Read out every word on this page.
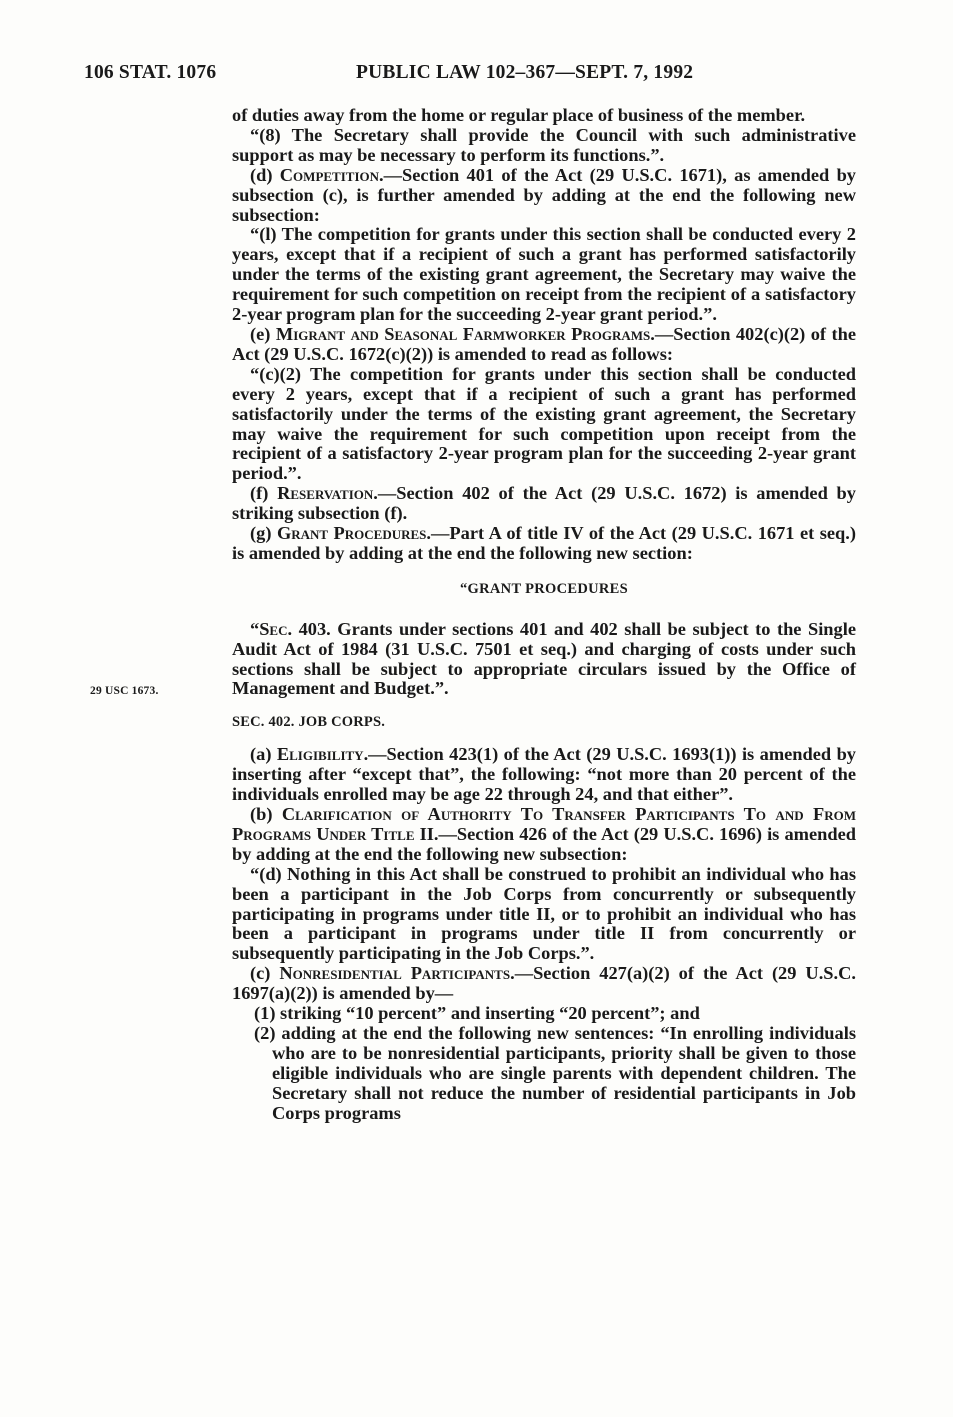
106 STAT. 1076	PUBLIC LAW 102–367—SEPT. 7, 1992
29 USC 1673.

of duties away from the home or regular place of business of the member.

“(8) The Secretary shall provide the Council with such administrative support as may be necessary to perform its functions.”.

(d) Competition.—Section 401 of the Act (29 U.S.C. 1671), as amended by subsection (c), is further amended by adding at the end the following new subsection:

“(l) The competition for grants under this section shall be conducted every 2 years, except that if a recipient of such a grant has performed satisfactorily under the terms of the existing grant agreement, the Secretary may waive the requirement for such competition on receipt from the recipient of a satisfactory 2-year program plan for the succeeding 2-year grant period.”.

(e) Migrant and Seasonal Farmworker Programs.—Section 402(c)(2) of the Act (29 U.S.C. 1672(c)(2)) is amended to read as follows:

“(c)(2) The competition for grants under this section shall be conducted every 2 years, except that if a recipient of such a grant has performed satisfactorily under the terms of the existing grant agreement, the Secretary may waive the requirement for such competition upon receipt from the recipient of a satisfactory 2-year program plan for the succeeding 2-year grant period.”.

(f) Reservation.—Section 402 of the Act (29 U.S.C. 1672) is amended by striking subsection (f).

(g) Grant Procedures.—Part A of title IV of the Act (29 U.S.C. 1671 et seq.) is amended by adding at the end the following new section:

“GRANT PROCEDURES

“Sec. 403. Grants under sections 401 and 402 shall be subject to the Single Audit Act of 1984 (31 U.S.C. 7501 et seq.) and charging of costs under such sections shall be subject to appropriate circulars issued by the Office of Management and Budget.”.

SEC. 402. JOB CORPS.

(a) Eligibility.—Section 423(1) of the Act (29 U.S.C. 1693(1)) is amended by inserting after “except that”, the following: “not more than 20 percent of the individuals enrolled may be age 22 through 24, and that either”.

(b) Clarification of Authority To Transfer Participants To and From Programs Under Title II.—Section 426 of the Act (29 U.S.C. 1696) is amended by adding at the end the following new subsection:

“(d) Nothing in this Act shall be construed to prohibit an individual who has been a participant in the Job Corps from concurrently or subsequently participating in programs under title II, or to prohibit an individual who has been a participant in programs under title II from concurrently or subsequently participating in the Job Corps.”.

(c) Nonresidential Participants.—Section 427(a)(2) of the Act (29 U.S.C. 1697(a)(2)) is amended by—

(1) striking “10 percent” and inserting “20 percent”; and

(2) adding at the end the following new sentences: “In enrolling individuals who are to be nonresidential participants, priority shall be given to those eligible individuals who are single parents with dependent children. The Secretary shall not reduce the number of residential participants in Job Corps programs
